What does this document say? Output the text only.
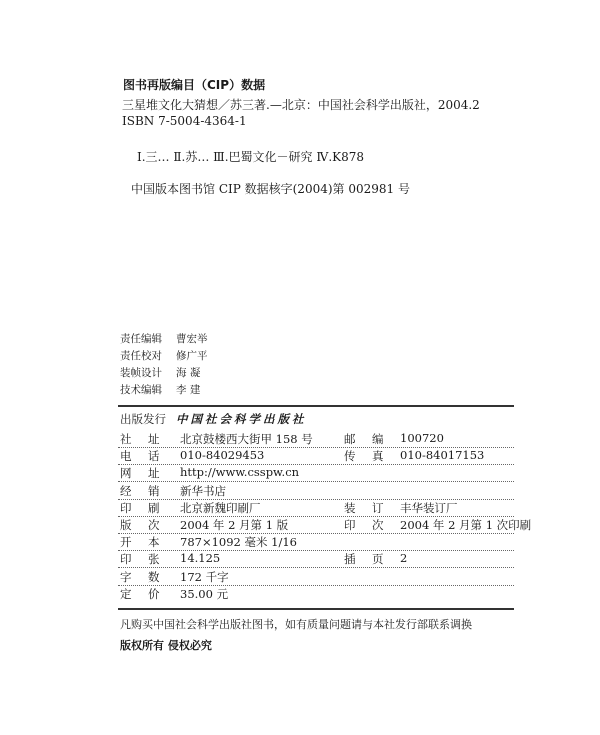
图书再版编目（CIP）数据
三星堆文化大猜想／苏三著.—北京：中国社会科学出版社，2004.2
ISBN 7-5004-4364-1
Ⅰ.三… Ⅱ.苏… Ⅲ.巴蜀文化－研究 Ⅳ.K878
中国版本图书馆 CIP 数据核字(2004)第 002981 号
责任编辑 曹宏举
责任校对 修广平
装帧设计 海 凝
技术编辑 李 建
出版发行 中国社会科学出版社
社 址 北京鼓楼西大街甲 158 号	邮 编 100720
电 话 010-84029453	传 真 010-84017153
网 址 http://www.csspw.cn
经 销 新华书店
印 刷 北京新魏印刷厂	装 订 丰华装订厂
版 次 2004 年 2 月第 1 版	印 次 2004 年 2 月第 1 次印刷
开 本 787×1092 毫米 1/16
印 张 14.125	插 页 2
字 数 172 千字
定 价 35.00 元
凡购买中国社会科学出版社图书，如有质量问题请与本社发行部联系调换
版权所有 侵权必究
